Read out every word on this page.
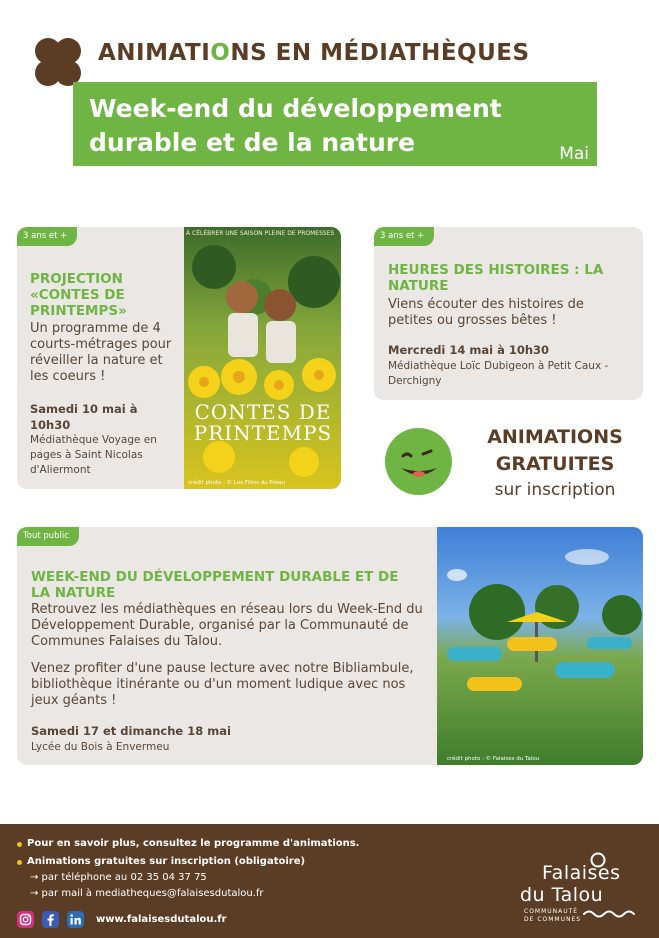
ANIMATIONS EN MÉDIATHÈQUES
Week-end du développement durable et de la nature	Mai
3 ans et +
PROJECTION «CONTES DE PRINTEMPS»
Un programme de 4 courts-métrages pour réveiller la nature et les coeurs !
Samedi 10 mai à 10h30
Médiathèque Voyage en pages à Saint Nicolas d'Aliermont
À CÉLÉBRER UNE SAISON PLEINE DE PROMESSES
CONTES DE PRINTEMPS
crédit photo : © Les Films du Préau
3 ans et +
HEURES DES HISTOIRES : LA NATURE
Viens écouter des histoires de petites ou grosses bêtes !
Mercredi 14 mai à 10h30
Médiathèque Loïc Dubigeon à Petit Caux - Derchigny
ANIMATIONS GRATUITES
sur inscription
Tout public
WEEK-END DU DÉVELOPPEMENT DURABLE ET DE LA NATURE
Retrouvez les médiathèques en réseau lors du Week-End du Développement Durable, organisé par la Communauté de Communes Falaises du Talou.
Venez profiter d'une pause lecture avec notre Bibliambule, bibliothèque itinérante ou d'un moment ludique avec nos jeux géants !
Samedi 17 et dimanche 18 mai
Lycée du Bois à Envermeu
crédit photo : © Falaises du Talou
Pour en savoir plus, consultez le programme d'animations.
Animations gratuites sur inscription (obligatoire)
→ par téléphone au 02 35 04 37 75
→ par mail à mediatheques@falaisesdutalou.fr
www.falaisesdutalou.fr
Falaises
du Talou
COMMUNAUTÉ
DE COMMUNES
